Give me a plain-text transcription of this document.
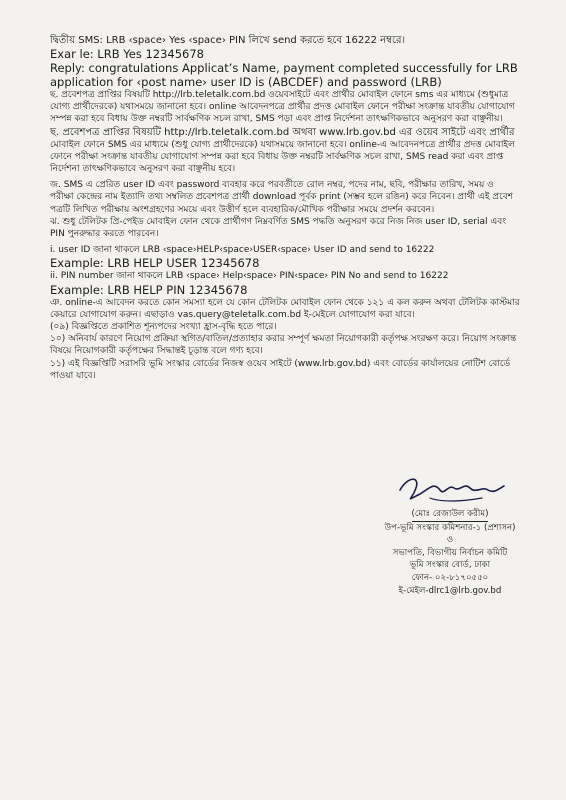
দ্বিতীয় SMS: LRB ‹space› Yes ‹space› PIN লিখে send করতে হবে 16222 নম্বরে।

Exar le: LRB Yes 12345678

Reply: congratulations Applicat’s Name, payment completed successfully for LRB

application for ‹post name› user ID is (ABCDEF) and password (LRB)

ছ. প্রবেশপত্র প্রাপ্তির বিষয়টি http://lrb.teletalk.com.bd ওয়েবসাইটে এবং প্রার্থীর মোবাইল ফোনে sms এর মাধ্যমে (শুধুমাত্র

যোগ্য প্রার্থীদেরকে) যথাসময়ে জানানো হবে। online আবেদনপত্রে প্রার্থীর প্রদত্ত মোবাইল ফোনে পরীক্ষা সংক্রান্ত যাবতীয় যোগাযোগ

সম্পন্ন করা হবে বিধায় উক্ত নম্বরটি সার্বক্ষণিক সচল রাখা, SMS পড়া এবং প্রাপ্ত নির্দেশনা তাৎক্ষণিকভাবে অনুসরণ করা বাঞ্ছনীয়।

ছ. প্রবেশপত্র প্রাপ্তির বিষয়টি http://lrb.teletalk.com.bd অথবা www.lrb.gov.bd এর ওয়েব সাইটে এবং প্রার্থীর

মোবাইল ফোনে SMS এর মাধ্যমে (শুধু যোগ্য প্রার্থীদেরকে) যথাসময়ে জানানো হবে। online-এ আবেদনপত্রে প্রার্থীর প্রদত্ত মোবাইল

ফোনে পরীক্ষা সংক্রান্ত যাবতীয় যোগাযোগ সম্পন্ন করা হবে বিধায় উক্ত নম্বরটি সার্বক্ষণিক সচল রাখা, SMS read করা এবং প্রাপ্ত

নির্দেশনা তাৎক্ষণিকভাবে অনুসরণ করা বাঞ্ছনীয় হবে।

জ. SMS এ প্রেরিত user ID এবং password ব্যবহার করে পরবর্তীতে রোল নম্বর, পদের নাম, ছবি, পরীক্ষার তারিখ, সময় ও

পরীক্ষা কেন্দ্রের নাম ইত্যাদি তথ্য সম্বলিত প্রবেশপত্র প্রার্থী download পূর্বক print (সম্ভব হলে রঙিন) করে নিবেন। প্রার্থী এই প্রবেশ

পত্রটি লিখিত পরীক্ষায় অংশগ্রহণের সময়ে এবং উত্তীর্ণ হলে ব্যবহারিক/মৌখিক পরীক্ষার সময়ে প্রদর্শন করবেন।

ঝ. শুধু টেলিটক প্রি-পেইড মোবাইল ফোন থেকে প্রার্থীগণ নিম্নবর্ণিত SMS পদ্ধতি অনুসরণ করে নিজ নিজ user ID, serial এবং

PIN পুনরুদ্ধার করতে পারবেন।

i. user ID জানা থাকলে LRB ‹space›HELP‹space›USER‹space› User ID and send to 16222

Example: LRB HELP USER 12345678

ii. PIN number জানা থাকলে LRB ‹space› Help‹space› PIN‹space› PIN No and send to 16222

Example: LRB HELP PIN 12345678

ঞ. online-এ আবেদন করতে কোন সমস্যা হলে যে কোন টেলিটক মোবাইল ফোন থেকে ১২১ এ কল করুন অথবা টেলিটক কাস্টমার

কেয়ারে যোগাযোগ করুন। এছাড়াও vas.query@teletalk.com.bd ই-মেইলে যোগাযোগ করা যাবে।

(০৯) বিজ্ঞপ্তিতে প্রকাশিত শূন্যপদের সংখ্যা হ্রাস-বৃদ্ধি হতে পারে।

১০) অনিবার্য কারণে নিয়োগ প্রক্রিয়া স্থগিত/বাতিল/প্রত্যাহার করার সম্পূর্ণ ক্ষমতা নিয়োগকারী কর্তৃপক্ষ সংরক্ষণ করে। নিয়োগ সংক্রান্ত

বিষয়ে নিয়োগকারী কর্তৃপক্ষের সিদ্ধান্তই চূড়ান্ত বলে গণ্য হবে।

১১) এই বিজ্ঞপ্তিটি সরাসরি ভূমি সংস্কার বোর্ডের নিজস্ব ওয়েব সাইটে (www.lrb.gov.bd) এবং বোর্ডের কার্যালয়ের নোটিশ বোর্ডে

পাওয়া যাবে।

(মোঃ রেজাউল করীম)

উপ-ভূমি সংস্কার কমিশনার-১ (প্রশাসন)

ও

সভাপতি, বিভাগীয় নির্বাচন কমিটি

ভূমি সংস্কার বোর্ড, ঢাকা

ফোন- ০২-৮১৭০৫৫০

ই-মেইল-dlrc1@lrb.gov.bd
